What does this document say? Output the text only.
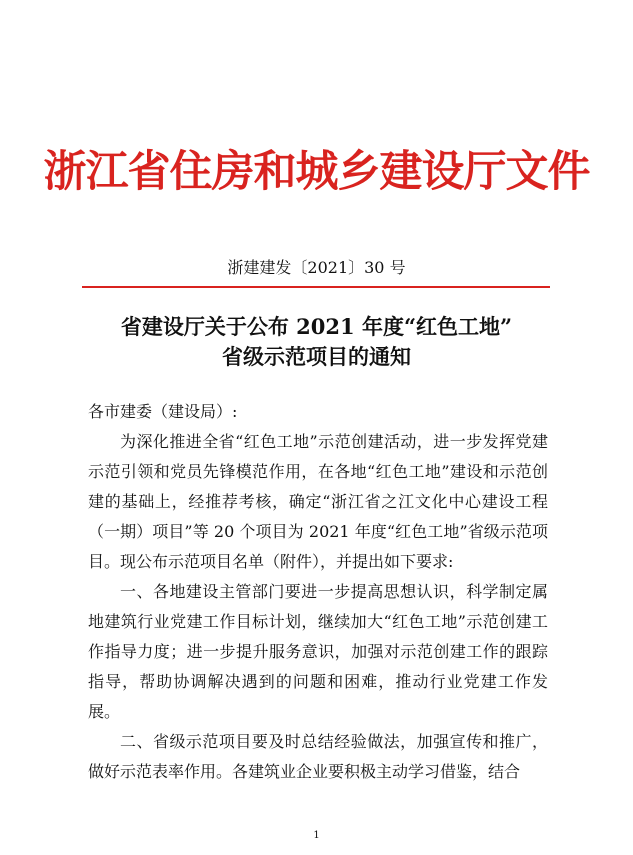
浙江省住房和城乡建设厅文件
浙建建发〔2021〕30 号
省建设厅关于公布 2021 年度“红色工地”
省级示范项目的通知

各市建委（建设局）:

为深化推进全省“红色工地”示范创建活动，进一步发挥党建示范引领和党员先锋模范作用，在各地“红色工地”建设和示范创建的基础上，经推荐考核，确定“浙江省之江文化中心建设工程（一期）项目”等 20 个项目为 2021 年度“红色工地”省级示范项目。现公布示范项目名单（附件），并提出如下要求:

一、各地建设主管部门要进一步提高思想认识，科学制定属地建筑行业党建工作目标计划，继续加大“红色工地”示范创建工作指导力度；进一步提升服务意识，加强对示范创建工作的跟踪指导，帮助协调解决遇到的问题和困难，推动行业党建工作发展。

二、省级示范项目要及时总结经验做法，加强宣传和推广，做好示范表率作用。各建筑业企业要积极主动学习借鉴，结合

1
